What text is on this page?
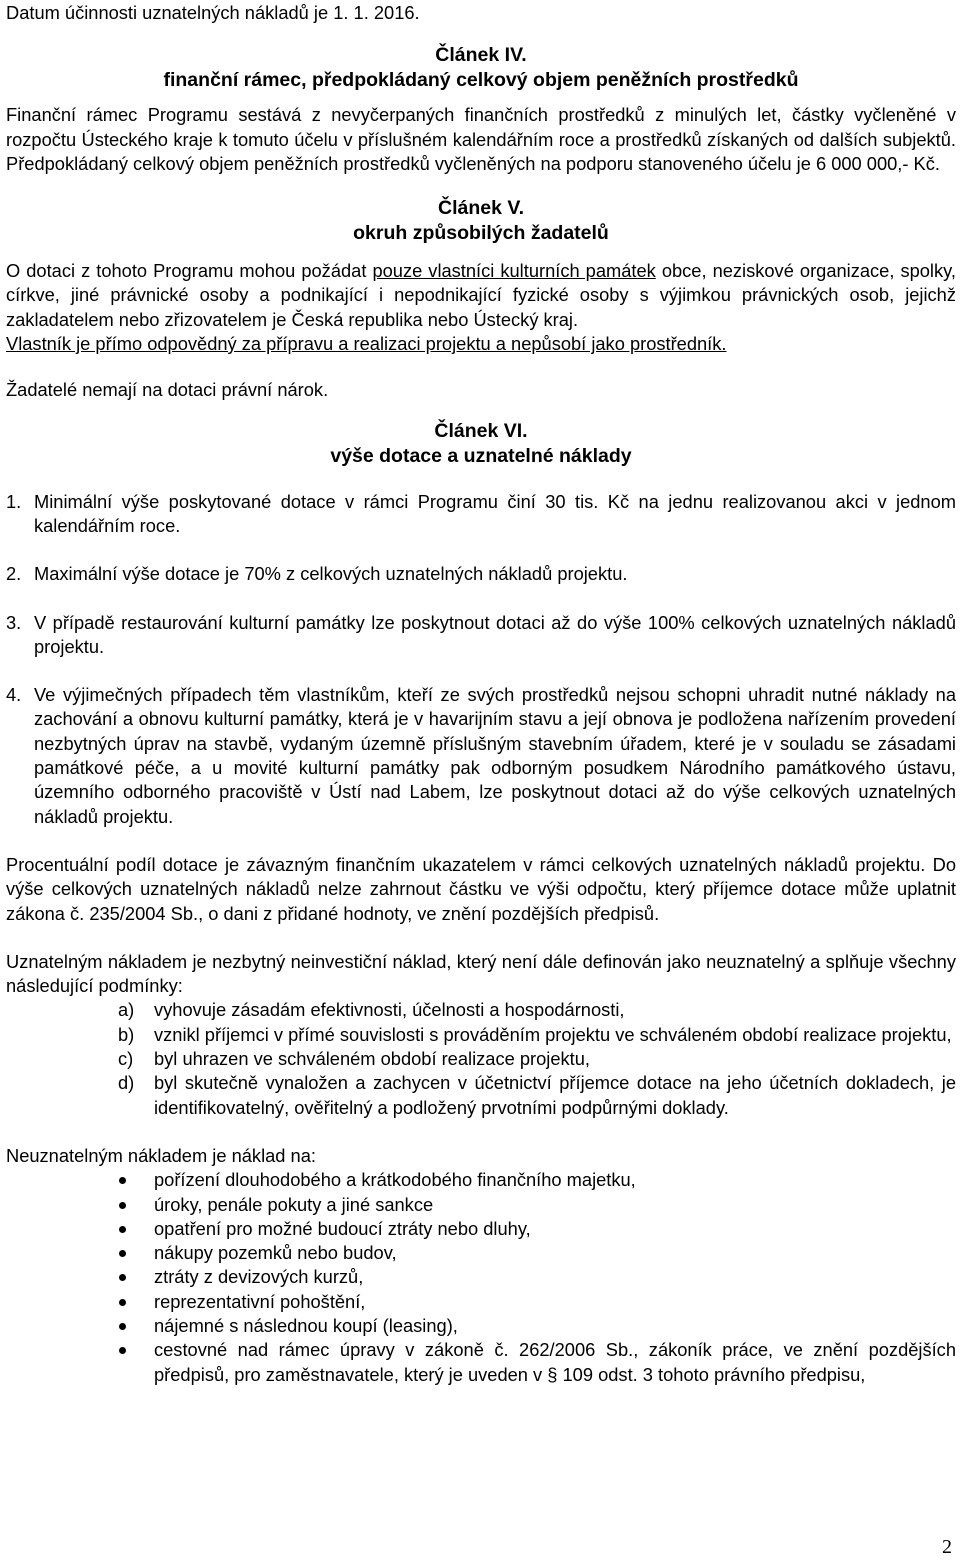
Datum účinnosti uznatelných nákladů je 1. 1. 2016.

Článek IV.
finanční rámec, předpokládaný celkový objem peněžních prostředků

Finanční rámec Programu sestává z nevyčerpaných finančních prostředků z minulých let, částky vyčleněné v rozpočtu Ústeckého kraje k tomuto účelu v příslušném kalendářním roce a prostředků získaných od dalších subjektů. Předpokládaný celkový objem peněžních prostředků vyčleněných na podporu stanoveného účelu je 6 000 000,- Kč.

Článek V.
okruh způsobilých žadatelů

O dotaci z tohoto Programu mohou požádat pouze vlastníci kulturních památek obce, neziskové organizace, spolky, církve, jiné právnické osoby a podnikající i nepodnikající fyzické osoby s výjimkou právnických osob, jejichž zakladatelem nebo zřizovatelem je Česká republika nebo Ústecký kraj.

Vlastník je přímo odpovědný za přípravu a realizaci projektu a nepůsobí jako prostředník.

Žadatelé nemají na dotaci právní nárok.

Článek VI.
výše dotace a uznatelné náklady
1. Minimální výše poskytované dotace v rámci Programu činí 30 tis. Kč na jednu realizovanou akci v jednom kalendářním roce.
2. Maximální výše dotace je 70% z celkových uznatelných nákladů projektu.
3. V případě restaurování kulturní památky lze poskytnout dotaci až do výše 100% celkových uznatelných nákladů projektu.
4. Ve výjimečných případech těm vlastníkům, kteří ze svých prostředků nejsou schopni uhradit nutné náklady na zachování a obnovu kulturní památky, která je v havarijním stavu a její obnova je podložena nařízením provedení nezbytných úprav na stavbě, vydaným územně příslušným stavebním úřadem, které je v souladu se zásadami památkové péče, a u movité kulturní památky pak odborným posudkem Národního památkového ústavu, územního odborného pracoviště v Ústí nad Labem, lze poskytnout dotaci až do výše celkových uznatelných nákladů projektu.

Procentuální podíl dotace je závazným finančním ukazatelem v rámci celkových uznatelných nákladů projektu. Do výše celkových uznatelných nákladů nelze zahrnout částku ve výši odpočtu, který příjemce dotace může uplatnit zákona č. 235/2004 Sb., o dani z přidané hodnoty, ve znění pozdějších předpisů.

Uznatelným nákladem je nezbytný neinvestiční náklad, který není dále definován jako neuznatelný a splňuje všechny následující podmínky:

a) vyhovuje zásadám efektivnosti, účelnosti a hospodárnosti,
b) vznikl příjemci v přímé souvislosti s prováděním projektu ve schváleném období realizace projektu,
c) byl uhrazen ve schváleném období realizace projektu,
d) byl skutečně vynaložen a zachycen v účetnictví příjemce dotace na jeho účetních dokladech, je identifikovatelný, ověřitelný a podložený prvotními podpůrnými doklady.

Neuznatelným nákladem je náklad na:

pořízení dlouhodobého a krátkodobého finančního majetku,
úroky, penále pokuty a jiné sankce
opatření pro možné budoucí ztráty nebo dluhy,
nákupy pozemků nebo budov,
ztráty z devizových kurzů,
reprezentativní pohoštění,
nájemné s následnou koupí (leasing),
cestovné nad rámec úpravy v zákoně č. 262/2006 Sb., zákoník práce, ve znění pozdějších předpisů, pro zaměstnavatele, který je uveden v § 109 odst. 3 tohoto právního předpisu,
2
